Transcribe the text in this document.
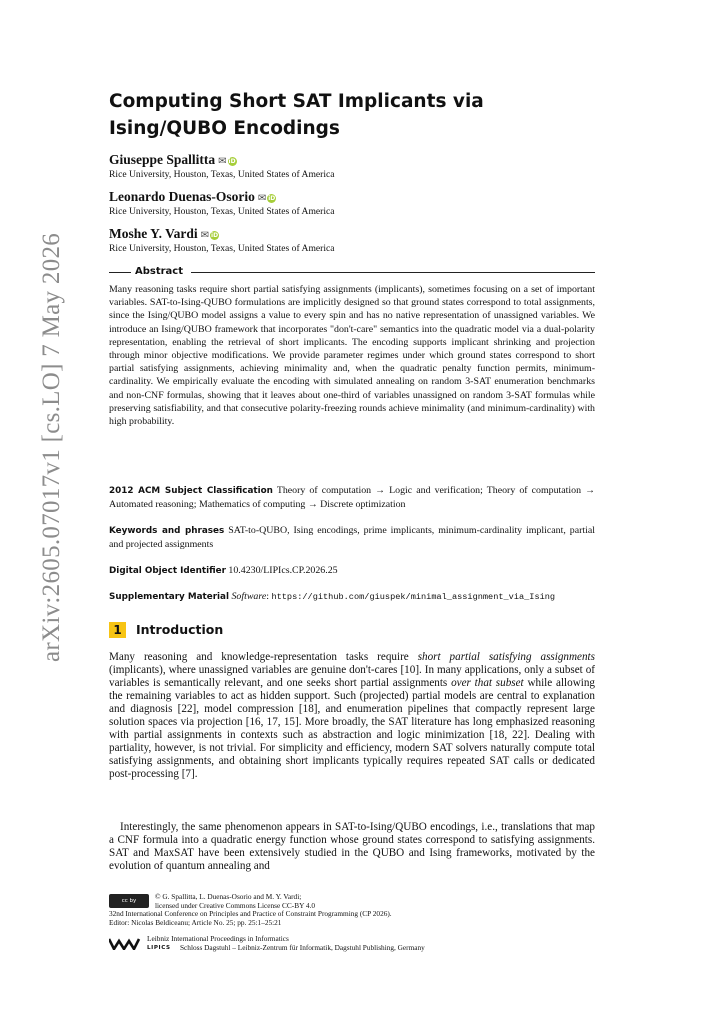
arXiv:2605.07017v1 [cs.LO] 7 May 2026
Computing Short SAT Implicants via Ising/QUBO Encodings
Giuseppe Spallitta ✉ iD
Rice University, Houston, Texas, United States of America
Leonardo Duenas-Osorio ✉ iD
Rice University, Houston, Texas, United States of America
Moshe Y. Vardi ✉ iD
Rice University, Houston, Texas, United States of America
Abstract
Many reasoning tasks require short partial satisfying assignments (implicants), sometimes focusing on a set of important variables. SAT-to-Ising-QUBO formulations are implicitly designed so that ground states correspond to total assignments, since the Ising/QUBO model assigns a value to every spin and has no native representation of unassigned variables. We introduce an Ising/QUBO framework that incorporates "don't-care" semantics into the quadratic model via a dual-polarity representation, enabling the retrieval of short implicants. The encoding supports implicant shrinking and projection through minor objective modifications. We provide parameter regimes under which ground states correspond to short partial satisfying assignments, achieving minimality and, when the quadratic penalty function permits, minimum-cardinality. We empirically evaluate the encoding with simulated annealing on random 3-SAT enumeration benchmarks and non-CNF formulas, showing that it leaves about one-third of variables unassigned on random 3-SAT formulas while preserving satisfiability, and that consecutive polarity-freezing rounds achieve minimality (and minimum-cardinality) with high probability.
2012 ACM Subject Classification Theory of computation → Logic and verification; Theory of computation → Automated reasoning; Mathematics of computing → Discrete optimization
Keywords and phrases SAT-to-QUBO, Ising encodings, prime implicants, minimum-cardinality implicant, partial and projected assignments
Digital Object Identifier 10.4230/LIPIcs.CP.2026.25
Supplementary Material Software: https://github.com/giuspek/minimal_assignment_via_Ising
1	Introduction
Many reasoning and knowledge-representation tasks require short partial satisfying assignments (implicants), where unassigned variables are genuine don't-cares [10]. In many applications, only a subset of variables is semantically relevant, and one seeks short partial assignments over that subset while allowing the remaining variables to act as hidden support. Such (projected) partial models are central to explanation and diagnosis [22], model compression [18], and enumeration pipelines that compactly represent large solution spaces via projection [16, 17, 15]. More broadly, the SAT literature has long emphasized reasoning with partial assignments in contexts such as abstraction and logic minimization [18, 22]. Dealing with partiality, however, is not trivial. For simplicity and efficiency, modern SAT solvers naturally compute total satisfying assignments, and obtaining short implicants typically requires repeated SAT calls or dedicated post-processing [7].
Interestingly, the same phenomenon appears in SAT-to-Ising/QUBO encodings, i.e., translations that map a CNF formula into a quadratic energy function whose ground states correspond to satisfying assignments. SAT and MaxSAT have been extensively studied in the QUBO and Ising frameworks, motivated by the evolution of quantum annealing and
cc by	© G. Spallitta, L. Duenas-Osorio and M. Y. Vardi;
licensed under Creative Commons License CC-BY 4.0
32nd International Conference on Principles and Practice of Constraint Programming (CP 2026).
Editor: Nicolas Beldiceanu; Article No. 25; pp. 25:1–25:21
Leibniz International Proceedings in Informatics
LIPICS Schloss Dagstuhl – Leibniz-Zentrum für Informatik, Dagstuhl Publishing, Germany
